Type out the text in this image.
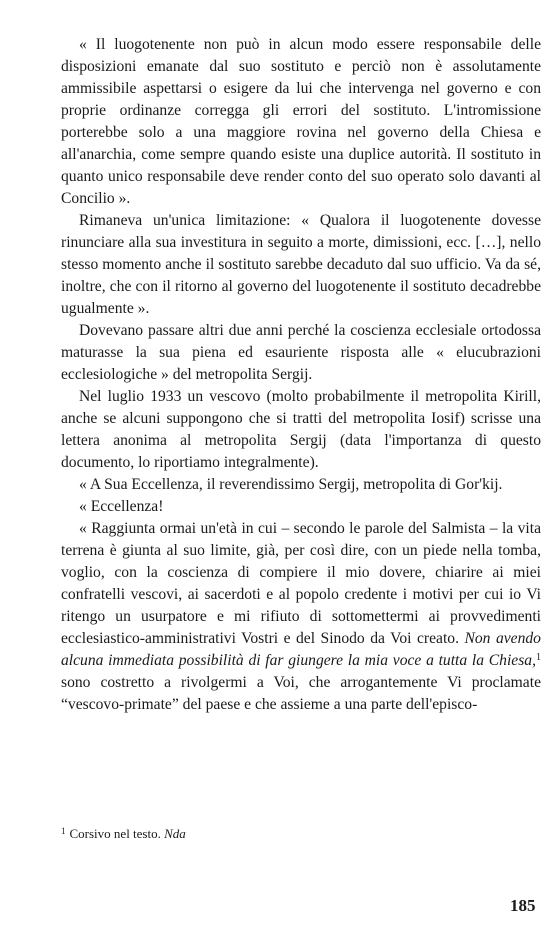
« Il luogotenente non può in alcun modo essere responsabile delle disposizioni emanate dal suo sostituto e perciò non è assolutamente ammissibile aspettarsi o esigere da lui che intervenga nel governo e con proprie ordinanze corregga gli errori del sostituto. L'intromissione porterebbe solo a una maggiore rovina nel governo della Chiesa e all'anarchia, come sempre quando esiste una duplice autorità. Il sostituto in quanto unico responsabile deve render conto del suo operato solo davanti al Concilio ».

Rimaneva un'unica limitazione: « Qualora il luogotenente dovesse rinunciare alla sua investitura in seguito a morte, dimissioni, ecc. […], nello stesso momento anche il sostituto sarebbe decaduto dal suo ufficio. Va da sé, inoltre, che con il ritorno al governo del luogotenente il sostituto decadrebbe ugualmente ».

Dovevano passare altri due anni perché la coscienza ecclesiale ortodossa maturasse la sua piena ed esauriente risposta alle « elucubrazioni ecclesiologiche » del metropolita Sergij.

Nel luglio 1933 un vescovo (molto probabilmente il metropolita Kirill, anche se alcuni suppongono che si tratti del metropolita Iosif) scrisse una lettera anonima al metropolita Sergij (data l'importanza di questo documento, lo riportiamo integralmente).

« A Sua Eccellenza, il reverendissimo Sergij, metropolita di Gor'kij.

« Eccellenza!

« Raggiunta ormai un'età in cui – secondo le parole del Salmista – la vita terrena è giunta al suo limite, già, per così dire, con un piede nella tomba, voglio, con la coscienza di compiere il mio dovere, chiarire ai miei confratelli vescovi, ai sacerdoti e al popolo credente i motivi per cui io Vi ritengo un usurpatore e mi rifiuto di sottomettermi ai provvedimenti ecclesiastico-amministrativi Vostri e del Sinodo da Voi creato. Non avendo alcuna immediata possibilità di far giungere la mia voce a tutta la Chiesa,$^1$ sono costretto a rivolgermi a Voi, che arrogantemente Vi proclamate “vescovo-primate” del paese e che assieme a una parte dell'episco-

$^1$ Corsivo nel testo. Nda
185
